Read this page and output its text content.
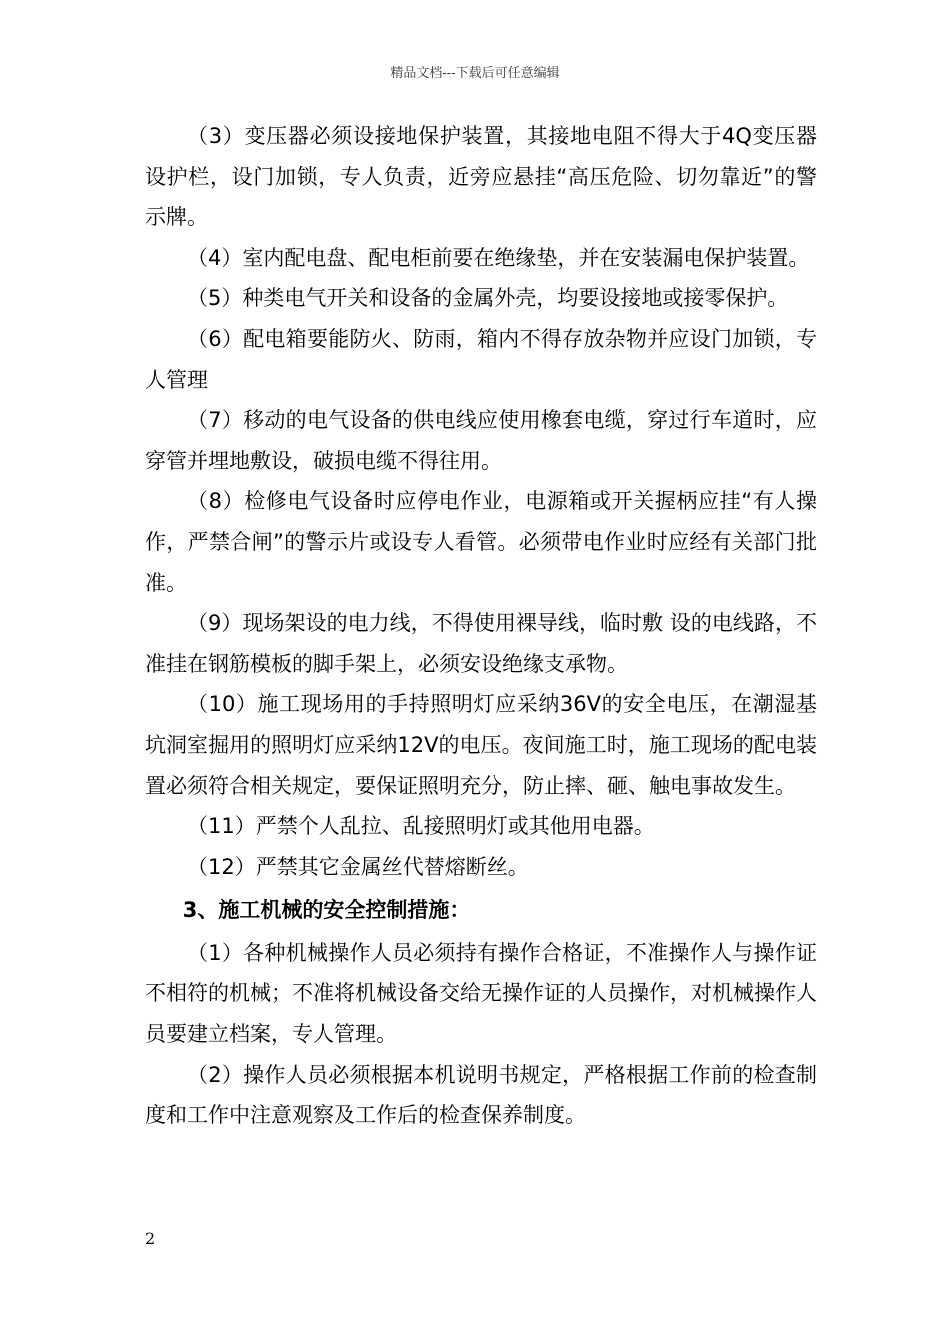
精品文档---下载后可任意编辑

（3）变压器必须设接地保护装置，其接地电阻不得大于4Q变压器设护栏，设门加锁，专人负责，近旁应悬挂“高压危险、切勿靠近”的警示牌。

（4）室内配电盘、配电柜前要在绝缘垫，并在安装漏电保护装置。

（5）种类电气开关和设备的金属外壳，均要设接地或接零保护。

（6）配电箱要能防火、防雨，箱内不得存放杂物并应设门加锁，专人管理

（7）移动的电气设备的供电线应使用橡套电缆，穿过行车道时，应穿管并埋地敷设，破损电缆不得往用。

（8）检修电气设备时应停电作业，电源箱或开关握柄应挂“有人操作，严禁合闸”的警示片或设专人看管。必须带电作业时应经有关部门批准。

（9）现场架设的电力线，不得使用裸导线，临时敷 设的电线路，不准挂在钢筋模板的脚手架上，必须安设绝缘支承物。

（10）施工现场用的手持照明灯应采纳36V的安全电压，在潮湿基坑洞室掘用的照明灯应采纳12V的电压。夜间施工时，施工现场的配电装置必须符合相关规定，要保证照明充分，防止摔、砸、触电事故发生。

（11）严禁个人乱拉、乱接照明灯或其他用电器。

（12）严禁其它金属丝代替熔断丝。

3、施工机械的安全控制措施：

（1）各种机械操作人员必须持有操作合格证，不准操作人与操作证不相符的机械；不准将机械设备交给无操作证的人员操作，对机械操作人员要建立档案，专人管理。

（2）操作人员必须根据本机说明书规定，严格根据工作前的检查制度和工作中注意观察及工作后的检查保养制度。

2
